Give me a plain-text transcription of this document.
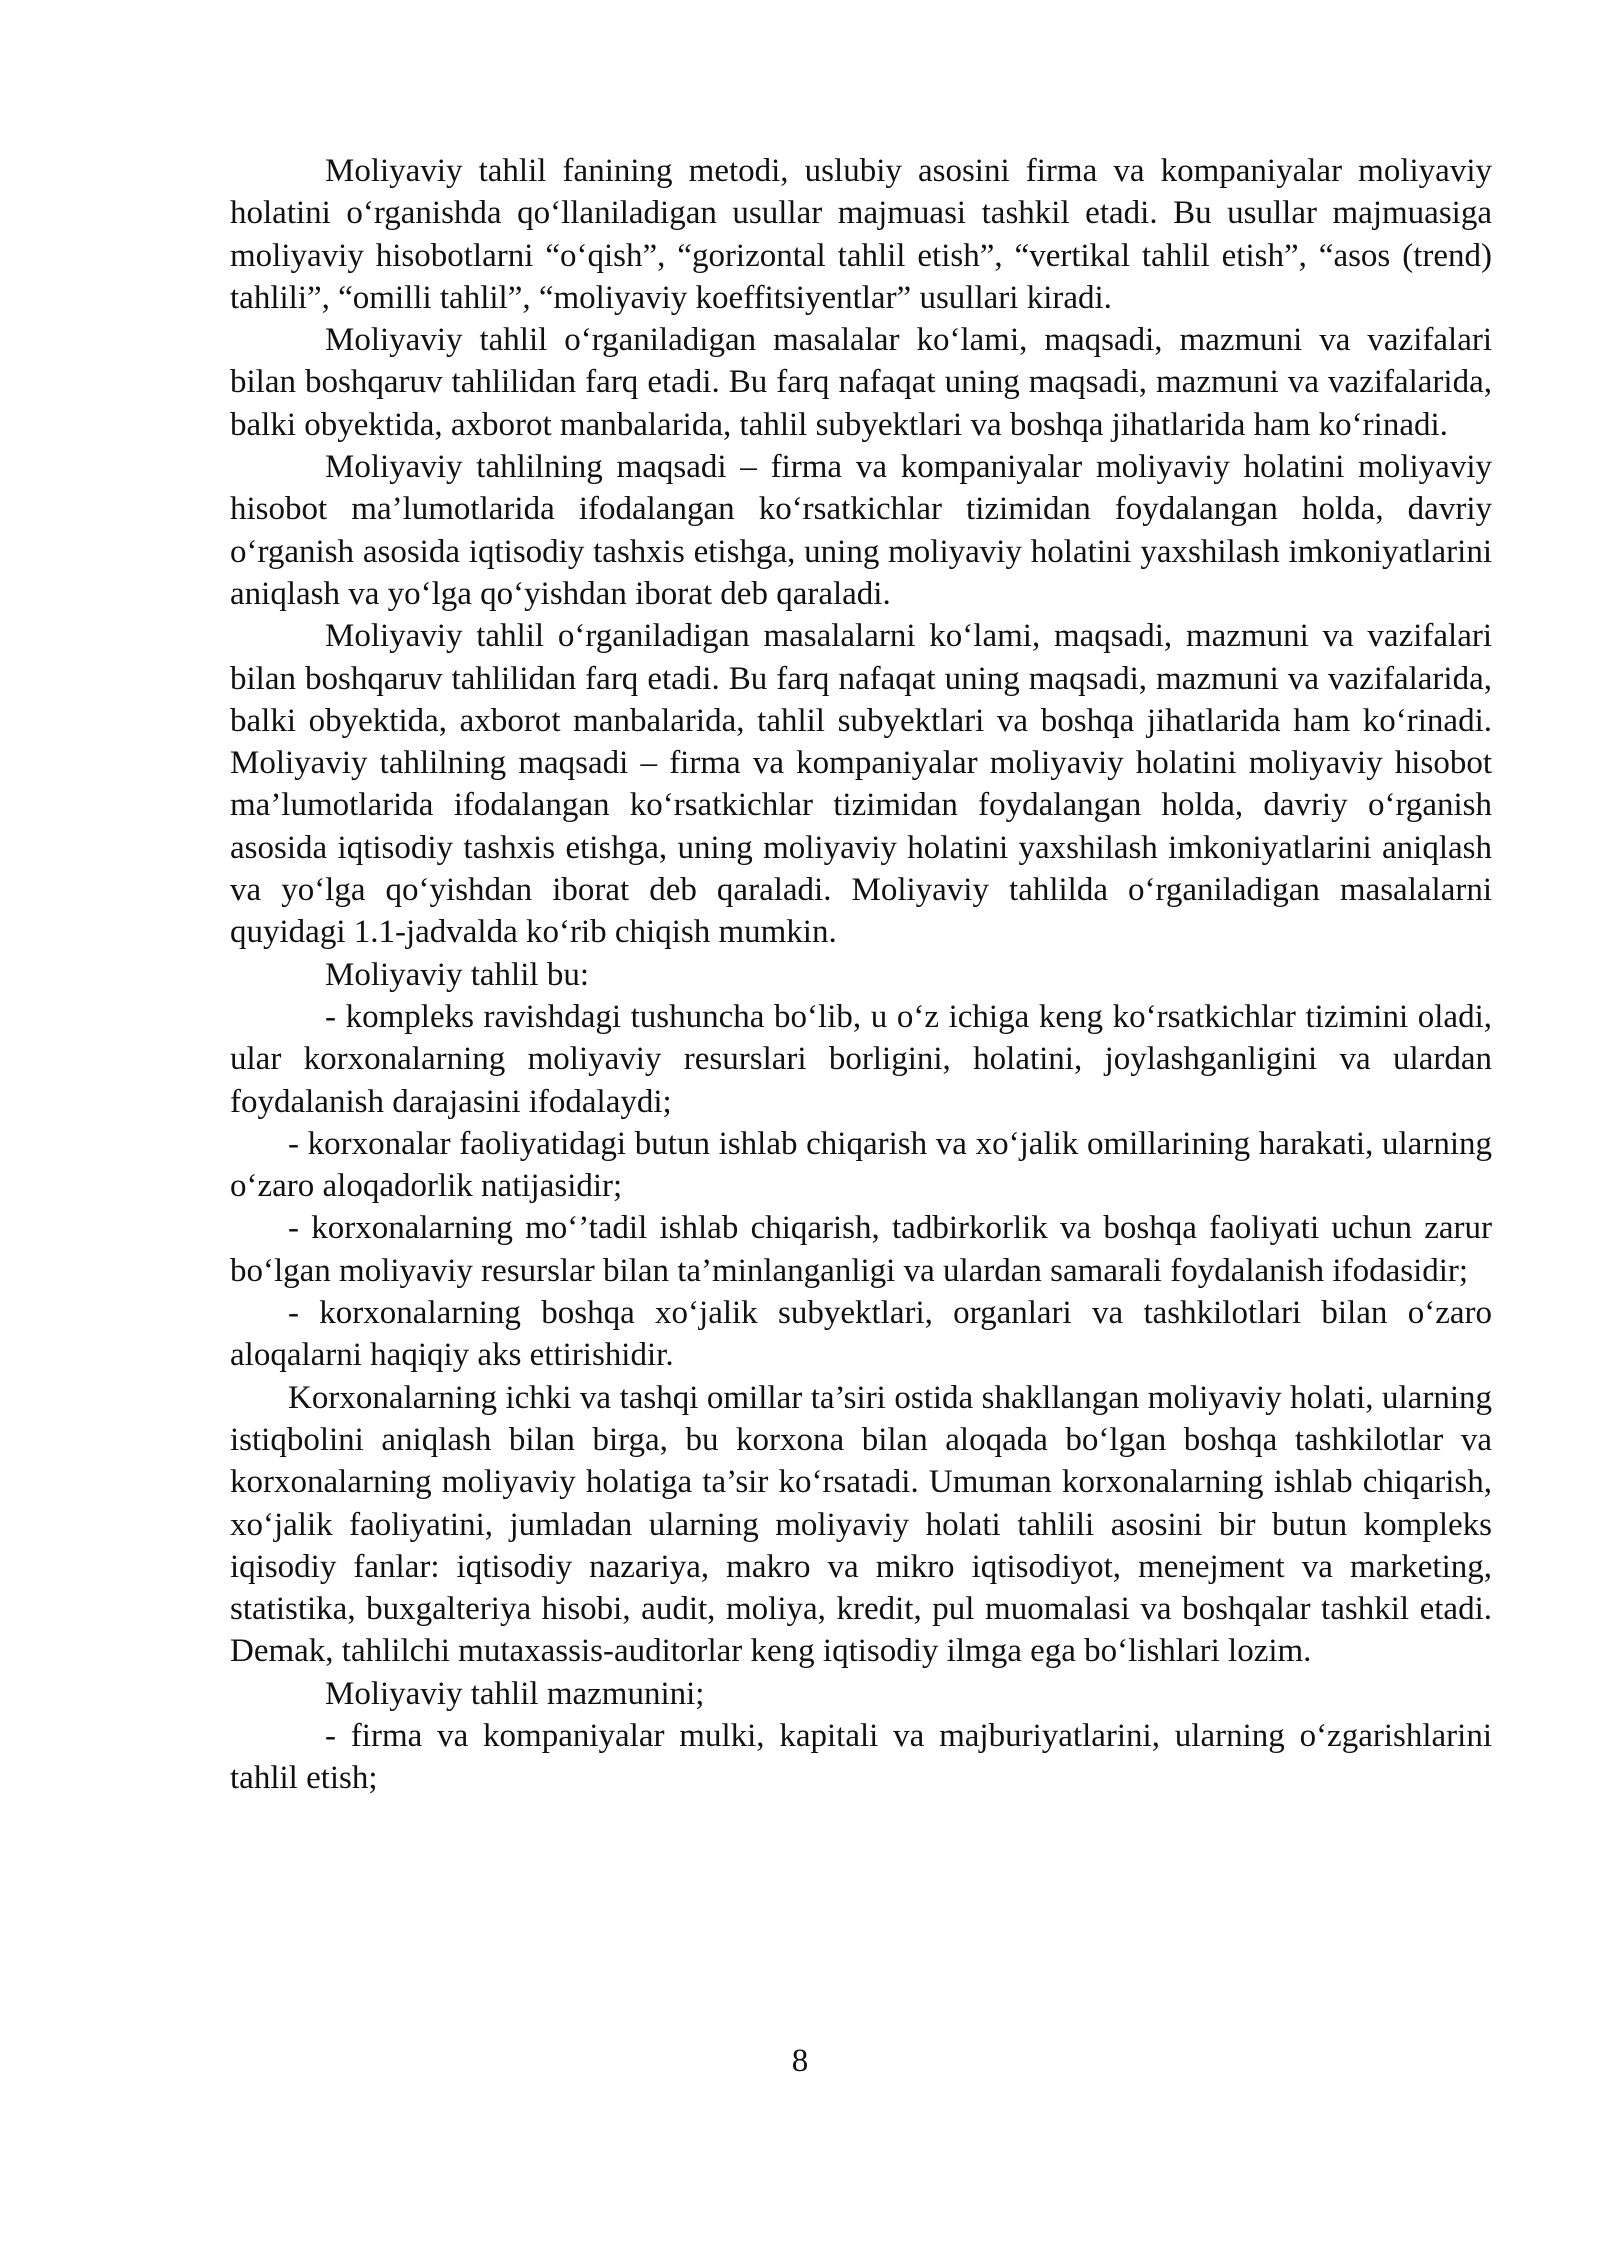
Moliyaviy tahlil fanining metodi, uslubiy asosini firma va kompaniyalar moliyaviy holatini o‘rganishda qo‘llaniladigan usullar majmuasi tashkil etadi. Bu usullar majmuasiga moliyaviy hisobotlarni “o‘qish”, “gorizontal tahlil etish”, “vertikal tahlil etish”, “asos (trend) tahlili”, “omilli tahlil”, “moliyaviy koeffitsiyentlar” usullari kiradi.

Moliyaviy tahlil o‘rganiladigan masalalar ko‘lami, maqsadi, mazmuni va vazifalari bilan boshqaruv tahlilidan farq etadi. Bu farq nafaqat uning maqsadi, mazmuni va vazifalarida, balki obyektida, axborot manbalarida, tahlil subyektlari va boshqa jihatlarida ham ko‘rinadi.

Moliyaviy tahlilning maqsadi – firma va kompaniyalar moliyaviy holatini moliyaviy hisobot ma’lumotlarida ifodalangan ko‘rsatkichlar tizimidan foydalangan holda, davriy o‘rganish asosida iqtisodiy tashxis etishga, uning moliyaviy holatini yaxshilash imkoniyatlarini aniqlash va yo‘lga qo‘yishdan iborat deb qaraladi.

Moliyaviy tahlil o‘rganiladigan masalalarni ko‘lami, maqsadi, mazmuni va vazifalari bilan boshqaruv tahlilidan farq etadi. Bu farq nafaqat uning maqsadi, mazmuni va vazifalarida, balki obyektida, axborot manbalarida, tahlil subyektlari va boshqa jihatlarida ham ko‘rinadi. Moliyaviy tahlilning maqsadi – firma va kompaniyalar moliyaviy holatini moliyaviy hisobot ma’lumotlarida ifodalangan ko‘rsatkichlar tizimidan foydalangan holda, davriy o‘rganish asosida iqtisodiy tashxis etishga, uning moliyaviy holatini yaxshilash imkoniyatlarini aniqlash va yo‘lga qo‘yishdan iborat deb qaraladi. Moliyaviy tahlilda o‘rganiladigan masalalarni quyidagi 1.1-jadvalda ko‘rib chiqish mumkin.

Moliyaviy tahlil bu:

- kompleks ravishdagi tushuncha bo‘lib, u o‘z ichiga keng ko‘rsatkichlar tizimini oladi, ular korxonalarning moliyaviy resurslari borligini, holatini, joylashganligini va ulardan foydalanish darajasini ifodalaydi;

- korxonalar faoliyatidagi butun ishlab chiqarish va xo‘jalik omillarining harakati, ularning o‘zaro aloqadorlik natijasidir;

- korxonalarning mo‘’tadil ishlab chiqarish, tadbirkorlik va boshqa faoliyati uchun zarur bo‘lgan moliyaviy resurslar bilan ta’minlanganligi va ulardan samarali foydalanish ifodasidir;

- korxonalarning boshqa xo‘jalik subyektlari, organlari va tashkilotlari bilan o‘zaro aloqalarni haqiqiy aks ettirishidir.

Korxonalarning ichki va tashqi omillar ta’siri ostida shakllangan moliyaviy holati, ularning istiqbolini aniqlash bilan birga, bu korxona bilan aloqada bo‘lgan boshqa tashkilotlar va korxonalarning moliyaviy holatiga ta’sir ko‘rsatadi. Umuman korxonalarning ishlab chiqarish, xo‘jalik faoliyatini, jumladan ularning moliyaviy holati tahlili asosini bir butun kompleks iqisodiy fanlar: iqtisodiy nazariya, makro va mikro iqtisodiyot, menejment va marketing, statistika, buxgalteriya hisobi, audit, moliya, kredit, pul muomalasi va boshqalar tashkil etadi. Demak, tahlilchi mutaxassis-auditorlar keng iqtisodiy ilmga ega bo‘lishlari lozim.

Moliyaviy tahlil mazmunini;

- firma va kompaniyalar mulki, kapitali va majburiyatlarini, ularning o‘zgarishlarini tahlil etish;

8
